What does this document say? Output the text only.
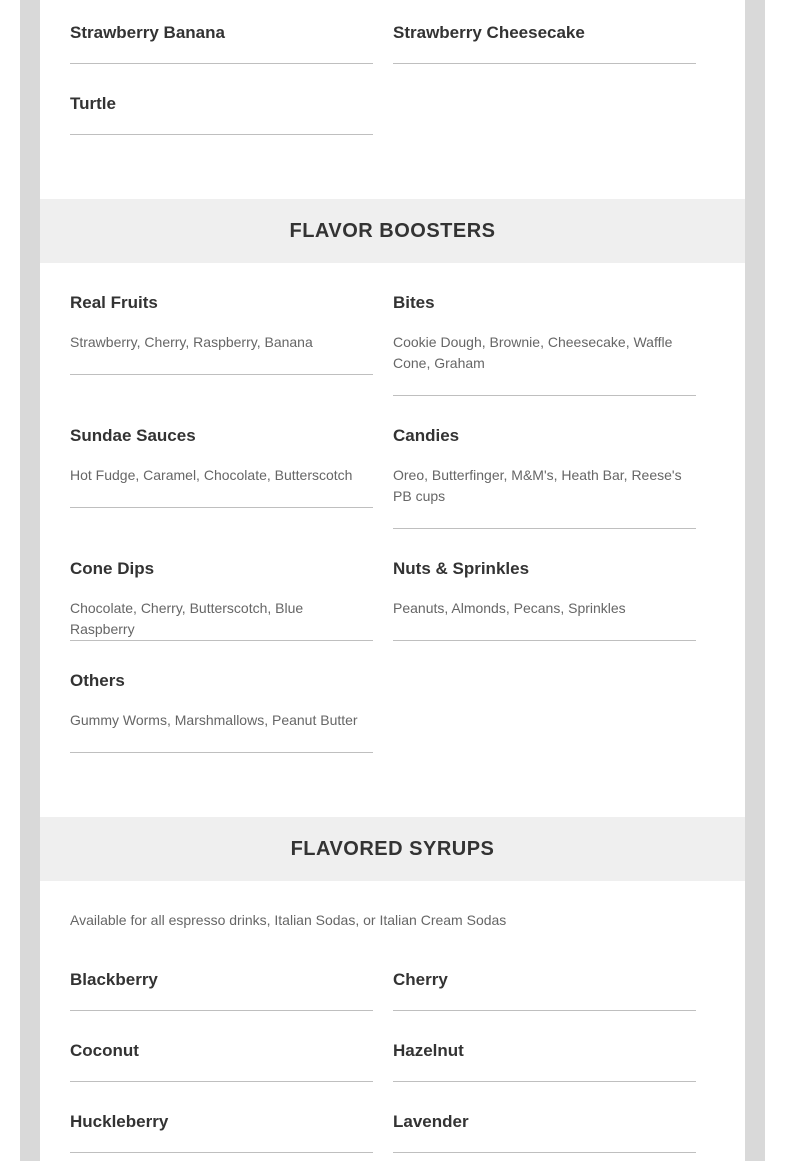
Strawberry Banana	Strawberry Cheesecake
Turtle
FLAVOR BOOSTERS
Real Fruits
Strawberry, Cherry, Raspberry, Banana
Bites
Cookie Dough, Brownie, Cheesecake, Waffle Cone, Graham
Sundae Sauces
Hot Fudge, Caramel, Chocolate, Butterscotch
Candies
Oreo, Butterfinger, M&M's, Heath Bar, Reese's PB cups
Cone Dips
Chocolate, Cherry, Butterscotch, Blue Raspberry
Nuts & Sprinkles
Peanuts, Almonds, Pecans, Sprinkles
Others
Gummy Worms, Marshmallows, Peanut Butter
FLAVORED SYRUPS
Available for all espresso drinks, Italian Sodas, or Italian Cream Sodas
Blackberry	Cherry
Coconut	Hazelnut
Huckleberry	Lavender
